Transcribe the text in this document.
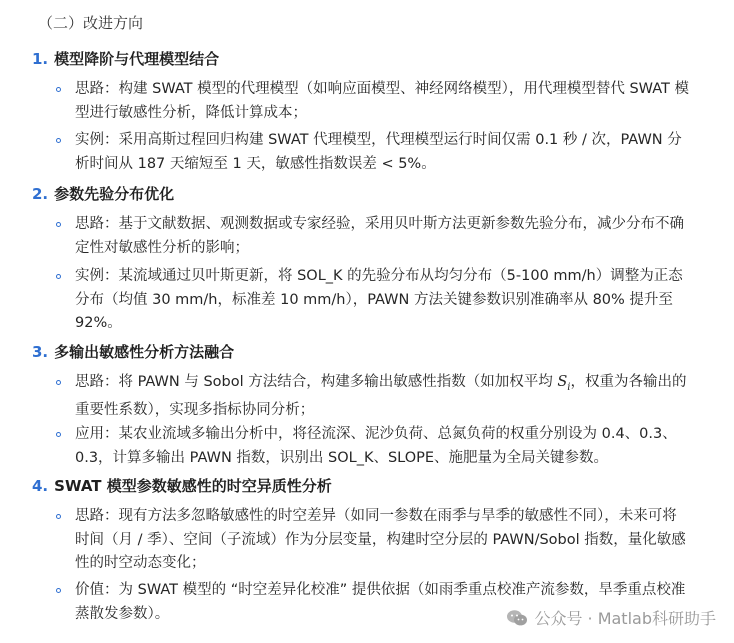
（二）改进方向
1. 模型降阶与代理模型结合
思路：构建 SWAT 模型的代理模型（如响应面模型、神经网络模型），用代理模型替代 SWAT 模型进行敏感性分析，降低计算成本；
实例：采用高斯过程回归构建 SWAT 代理模型，代理模型运行时间仅需 0.1 秒 / 次，PAWN 分析时间从 187 天缩短至 1 天，敏感性指数误差 < 5%。
2. 参数先验分布优化
思路：基于文献数据、观测数据或专家经验，采用贝叶斯方法更新参数先验分布，减少分布不确定性对敏感性分析的影响；
实例：某流域通过贝叶斯更新，将 SOL_K 的先验分布从均匀分布（5-100 mm/h）调整为正态分布（均值 30 mm/h，标准差 10 mm/h），PAWN 方法关键参数识别准确率从 80% 提升至 92%。
3. 多输出敏感性分析方法融合
思路：将 PAWN 与 Sobol 方法结合，构建多输出敏感性指数（如加权平均 $S_i$，权重为各输出的重要性系数），实现多指标协同分析；
应用：某农业流域多输出分析中，将径流深、泥沙负荷、总氮负荷的权重分别设为 0.4、0.3、0.3，计算多输出 PAWN 指数，识别出 SOL_K、SLOPE、施肥量为全局关键参数。
4. SWAT 模型参数敏感性的时空异质性分析
思路：现有方法多忽略敏感性的时空差异（如同一参数在雨季与旱季的敏感性不同），未来可将时间（月 / 季）、空间（子流域）作为分层变量，构建时空分层的 PAWN/Sobol 指数，量化敏感性的时空动态变化；
价值：为 SWAT 模型的 “时空差异化校准” 提供依据（如雨季重点校准产流参数，旱季重点校准蒸散发参数）。	公众号 · Matlab科研助手
